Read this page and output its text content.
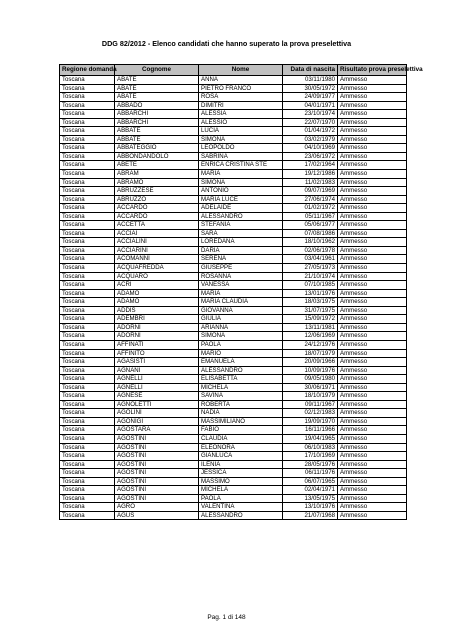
DDG 82/2012 - Elenco candidati che hanno superato la prova preselettiva
Regione domanda	Cognome	Nome	Data di nascita	Risultato prova preselettiva
Toscana	ABATE	ANNA	03/11/1980	Ammesso
Toscana	ABATE	PIETRO FRANCO	30/05/1972	Ammesso
Toscana	ABATE	ROSA	24/09/1977	Ammesso
Toscana	ABBADO	DIMITRI	04/01/1971	Ammesso
Toscana	ABBARCHI	ALESSIA	23/10/1974	Ammesso
Toscana	ABBARCHI	ALESSIO	22/07/1970	Ammesso
Toscana	ABBATE	LUCIA	01/04/1972	Ammesso
Toscana	ABBATE	SIMONA	03/02/1979	Ammesso
Toscana	ABBATEGGIO	LEOPOLDO	04/10/1969	Ammesso
Toscana	ABBONDANDOLO	SABRINA	23/06/1972	Ammesso
Toscana	ABETE	ENRICA CRISTINA STE	17/02/1964	Ammesso
Toscana	ABRAM	MARIA	19/12/1986	Ammesso
Toscana	ABRAMO	SIMONA	11/02/1983	Ammesso
Toscana	ABRUZZESE	ANTONIO	09/07/1969	Ammesso
Toscana	ABRUZZO	MARIA LUCE	27/06/1974	Ammesso
Toscana	ACCARDO	ADELAIDE	01/02/1972	Ammesso
Toscana	ACCARDO	ALESSANDRO	05/11/1967	Ammesso
Toscana	ACCETTA	STEFANIA	05/06/1977	Ammesso
Toscana	ACCIAI	SARA	07/08/1986	Ammesso
Toscana	ACCIALINI	LOREDANA	18/10/1962	Ammesso
Toscana	ACCIARINI	DARIA	02/06/1978	Ammesso
Toscana	ACOMANNI	SERENA	03/04/1961	Ammesso
Toscana	ACQUAFREDDA	GIUSEPPE	27/05/1973	Ammesso
Toscana	ACQUARO	ROSANNA	21/10/1974	Ammesso
Toscana	ACRI	VANESSA	07/10/1985	Ammesso
Toscana	ADAMO	MARIA	13/01/1976	Ammesso
Toscana	ADAMO	MARIA CLAUDIA	18/03/1975	Ammesso
Toscana	ADDIS	GIOVANNA	31/07/1975	Ammesso
Toscana	ADEMBRI	GIULIA	15/09/1972	Ammesso
Toscana	ADORNI	ARIANNA	13/11/1981	Ammesso
Toscana	ADORNI	SIMONA	12/06/1969	Ammesso
Toscana	AFFINATI	PAOLA	24/12/1976	Ammesso
Toscana	AFFINITO	MARIO	18/07/1979	Ammesso
Toscana	AGASISTI	EMANUELA	20/09/1966	Ammesso
Toscana	AGNANI	ALESSANDRO	10/09/1976	Ammesso
Toscana	AGNELLI	ELISABETTA	09/05/1980	Ammesso
Toscana	AGNELLI	MICHELA	30/06/1971	Ammesso
Toscana	AGNESE	SAVINA	18/10/1979	Ammesso
Toscana	AGNOLETTI	ROBERTA	09/11/1967	Ammesso
Toscana	AGOLINI	NADIA	02/12/1983	Ammesso
Toscana	AGONIGI	MASSIMILIANO	19/09/1970	Ammesso
Toscana	AGOSTARA	FABIO	16/11/1966	Ammesso
Toscana	AGOSTINI	CLAUDIA	19/04/1965	Ammesso
Toscana	AGOSTINI	ELEONORA	06/10/1983	Ammesso
Toscana	AGOSTINI	GIANLUCA	17/10/1969	Ammesso
Toscana	AGOSTINI	ILENIA	28/05/1976	Ammesso
Toscana	AGOSTINI	JESSICA	06/11/1976	Ammesso
Toscana	AGOSTINI	MASSIMO	06/07/1965	Ammesso
Toscana	AGOSTINI	MICHELA	02/04/1971	Ammesso
Toscana	AGOSTINI	PAOLA	13/05/1975	Ammesso
Toscana	AGRO	VALENTINA	13/10/1976	Ammesso
Toscana	AGUS	ALESSANDRO	21/07/1968	Ammesso
Pag. 1 di 148
